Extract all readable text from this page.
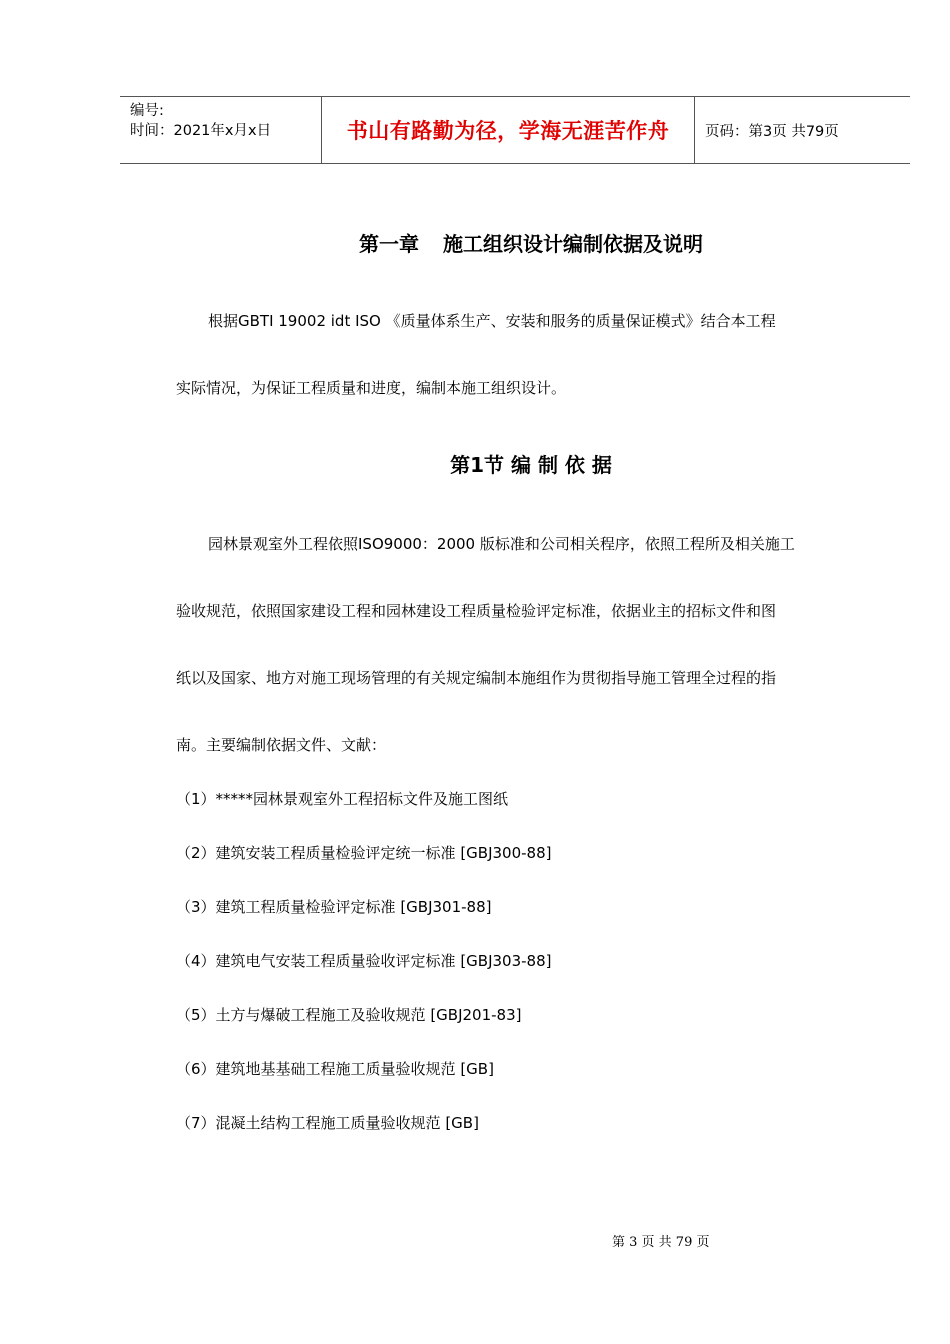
编号:
时间：2021年x月x日	书山有路勤为径，学海无涯苦作舟 页码：第3页 共79页
第一章 施工组织设计编制依据及说明
根据GBTI 19002 idt ISO 《质量体系生产、安装和服务的质量保证模式》结合本工程
实际情况，为保证工程质量和进度，编制本施工组织设计。
第1节 编 制 依 据
园林景观室外工程依照ISO9000：2000 版标准和公司相关程序，依照工程所及相关施工
验收规范，依照国家建设工程和园林建设工程质量检验评定标准，依据业主的招标文件和图
纸以及国家、地方对施工现场管理的有关规定编制本施组作为贯彻指导施工管理全过程的指
南。主要编制依据文件、文献：
（1）*****园林景观室外工程招标文件及施工图纸
（2）建筑安装工程质量检验评定统一标准 [GBJ300-88]
（3）建筑工程质量检验评定标准 [GBJ301-88]
（4）建筑电气安装工程质量验收评定标准 [GBJ303-88]
（5）土方与爆破工程施工及验收规范 [GBJ201-83]
（6）建筑地基基础工程施工质量验收规范 [GB]
（7）混凝土结构工程施工质量验收规范 [GB]
第 3 页 共 79 页
